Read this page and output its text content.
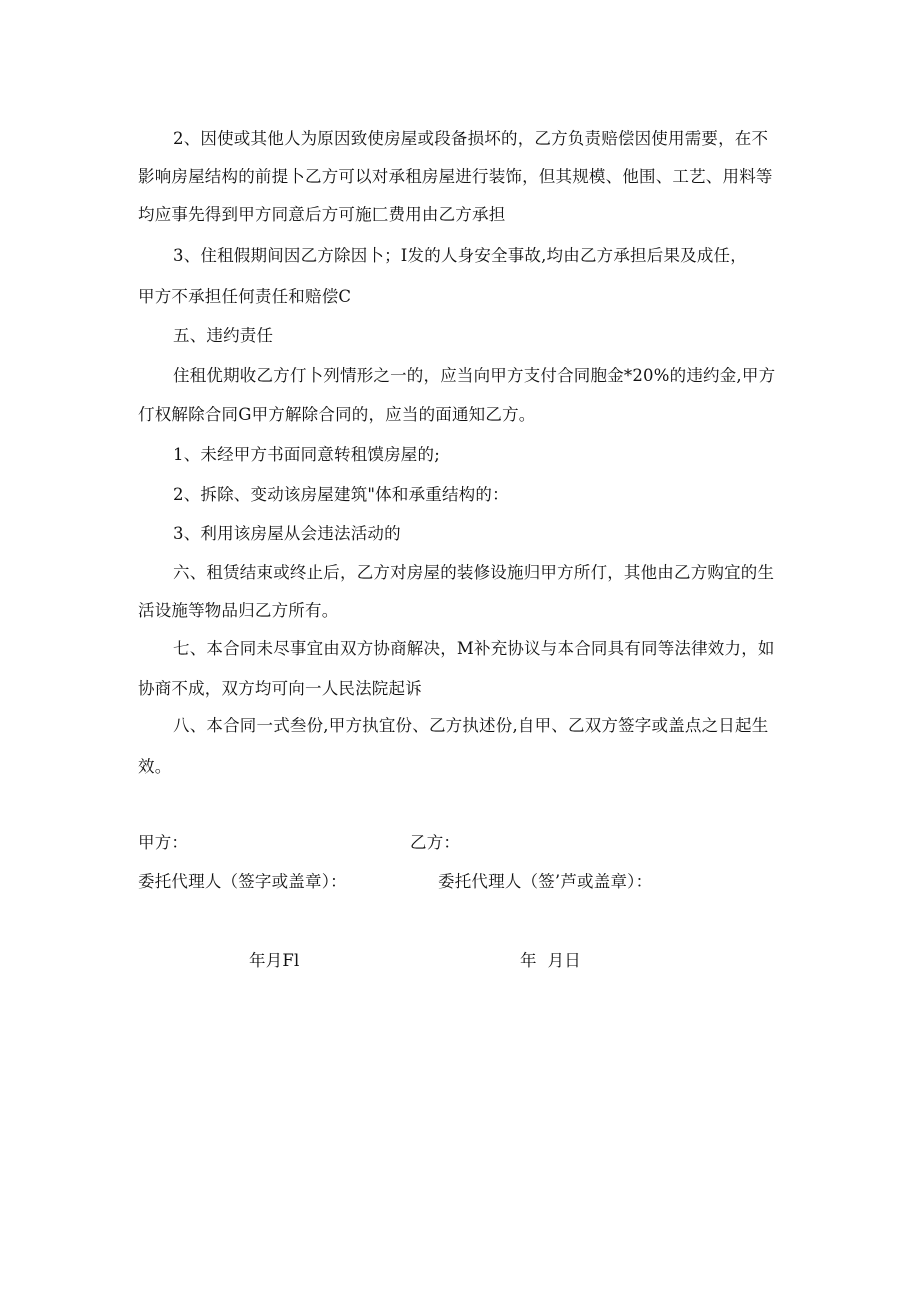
2、因使或其他人为原因致使房屋或段备损坏的，乙方负责赔偿因使用需要，在不
影响房屋结构的前提卜乙方可以对承租房屋进行装饰，但其规模、他围、工艺、用料等
均应事先得到甲方同意后方可施匚费用由乙方承担
3、住租假期间因乙方除因卜；I发的人身安全事故,均由乙方承担后果及成任，
甲方不承担任何责任和赔偿C
五、违约责任
住租优期收乙方仃卜列情形之一的，应当向甲方支付合同胞金*20%的违约金,甲方
仃权解除合同G甲方解除合同的，应当的面通知乙方。
1、未经甲方书面同意转租馍房屋的;
2、拆除、变动该房屋建筑"体和承重结构的：
3、利用该房屋从会违法活动的
六、租赁结束或终止后，乙方对房屋的装修设施归甲方所仃，其他由乙方购宜的生
活设施等物品归乙方所有。
七、本合同未尽事宜由双方协商解决，M补充协议与本合同具有同等法律效力，如
协商不成，双方均可向一人民法院起诉
八、本合同一式叁份,甲方执宜份、乙方执述份,自甲、乙双方签字或盖点之日起生
效。
甲方：	乙方：
委托代理人（签字或盖章）：	委托代理人（签’芦或盖章）：
年月Fl	年  月日
